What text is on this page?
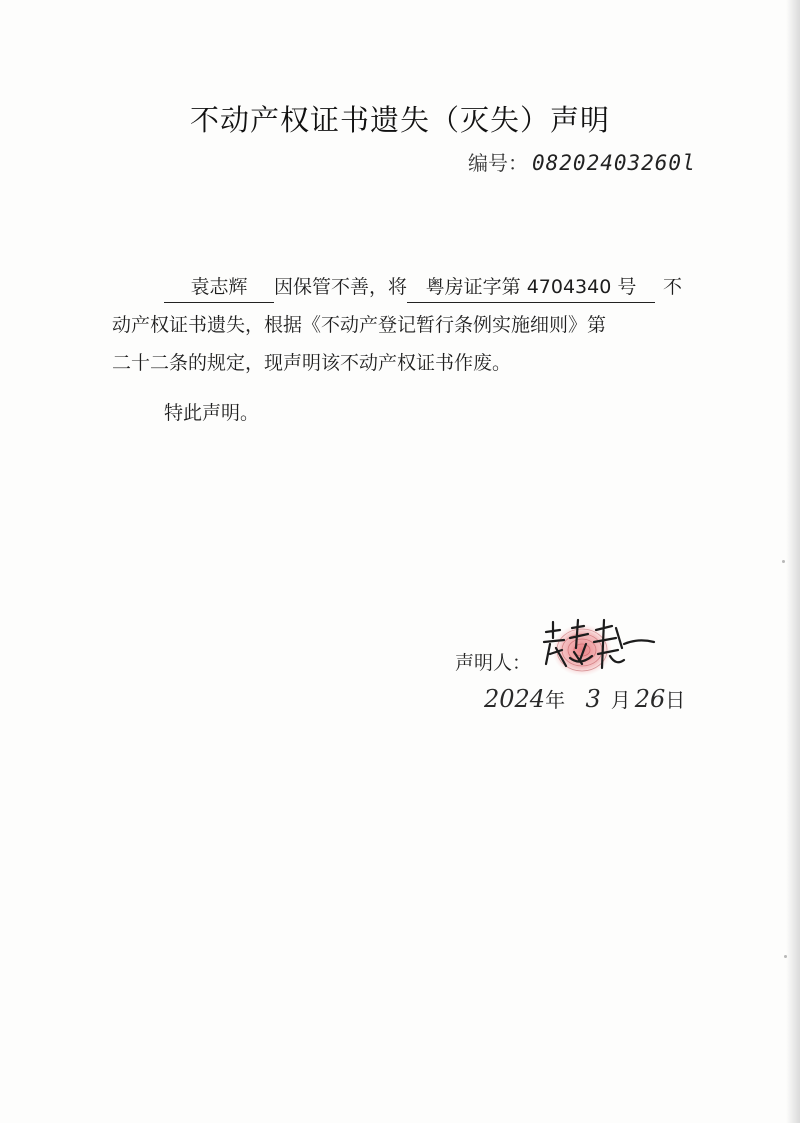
不动产权证书遗失（灭失）声明
编号： 08202403260l
袁志辉 因保管不善，将 粤房证字第 4704340 号 不
动产权证书遗失，根据《不动产登记暂行条例实施细则》第
二十二条的规定，现声明该不动产权证书作废。
特此声明。
声明人：
2024年 3 月 26日
